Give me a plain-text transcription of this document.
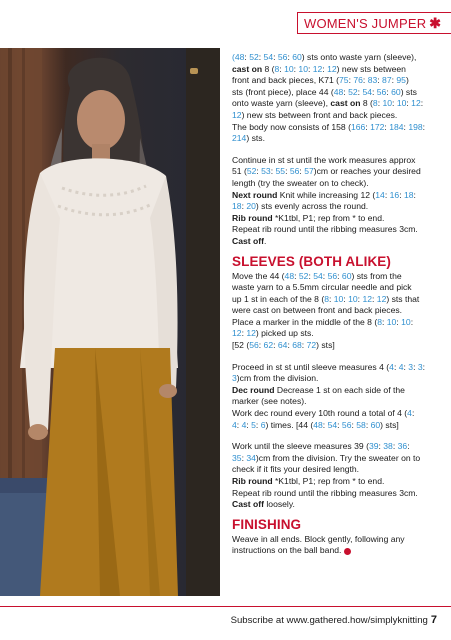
WOMEN'S JUMPER ✱

(48: 52: 54: 56: 60) sts onto waste yarn (sleeve),

cast on 8 (8: 10: 10: 12: 12) new sts between

front and back pieces, K71 (75: 76: 83: 87: 95)

sts (front piece), place 44 (48: 52: 54: 56: 60) sts

onto waste yarn (sleeve), cast on 8 (8: 10: 10: 12:

12) new sts between front and back pieces.

The body now consists of 158 (166: 172: 184: 198:

214) sts.

Continue in st st until the work measures approx

51 (52: 53: 55: 56: 57)cm or reaches your desired

length (try the sweater on to check).

Next round Knit while increasing 12 (14: 16: 18:

18: 20) sts evenly across the round.

Rib round *K1tbl, P1; rep from * to end.

Repeat rib round until the ribbing measures 3cm.

Cast off.

SLEEVES (BOTH ALIKE)

Move the 44 (48: 52: 54: 56: 60) sts from the

waste yarn to a 5.5mm circular needle and pick

up 1 st in each of the 8 (8: 10: 10: 12: 12) sts that

were cast on between front and back pieces.

Place a marker in the middle of the 8 (8: 10: 10:

12: 12) picked up sts.

[52 (56: 62: 64: 68: 72) sts]

Proceed in st st until sleeve measures 4 (4: 4: 3: 3:

3)cm from the division.

Dec round Decrease 1 st on each side of the

marker (see notes).

Work dec round every 10th round a total of 4 (4:

4: 4: 5: 6) times. [44 (48: 54: 56: 58: 60) sts]

Work until the sleeve measures 39 (39: 38: 36:

35: 34)cm from the division. Try the sweater on to

check if it fits your desired length.

Rib round *K1tbl, P1; rep from * to end.

Repeat rib round until the ribbing measures 3cm.

Cast off loosely.

FINISHING

Weave in all ends. Block gently, following any

instructions on the ball band.

Subscribe at www.gathered.how/simplyknitting 7
